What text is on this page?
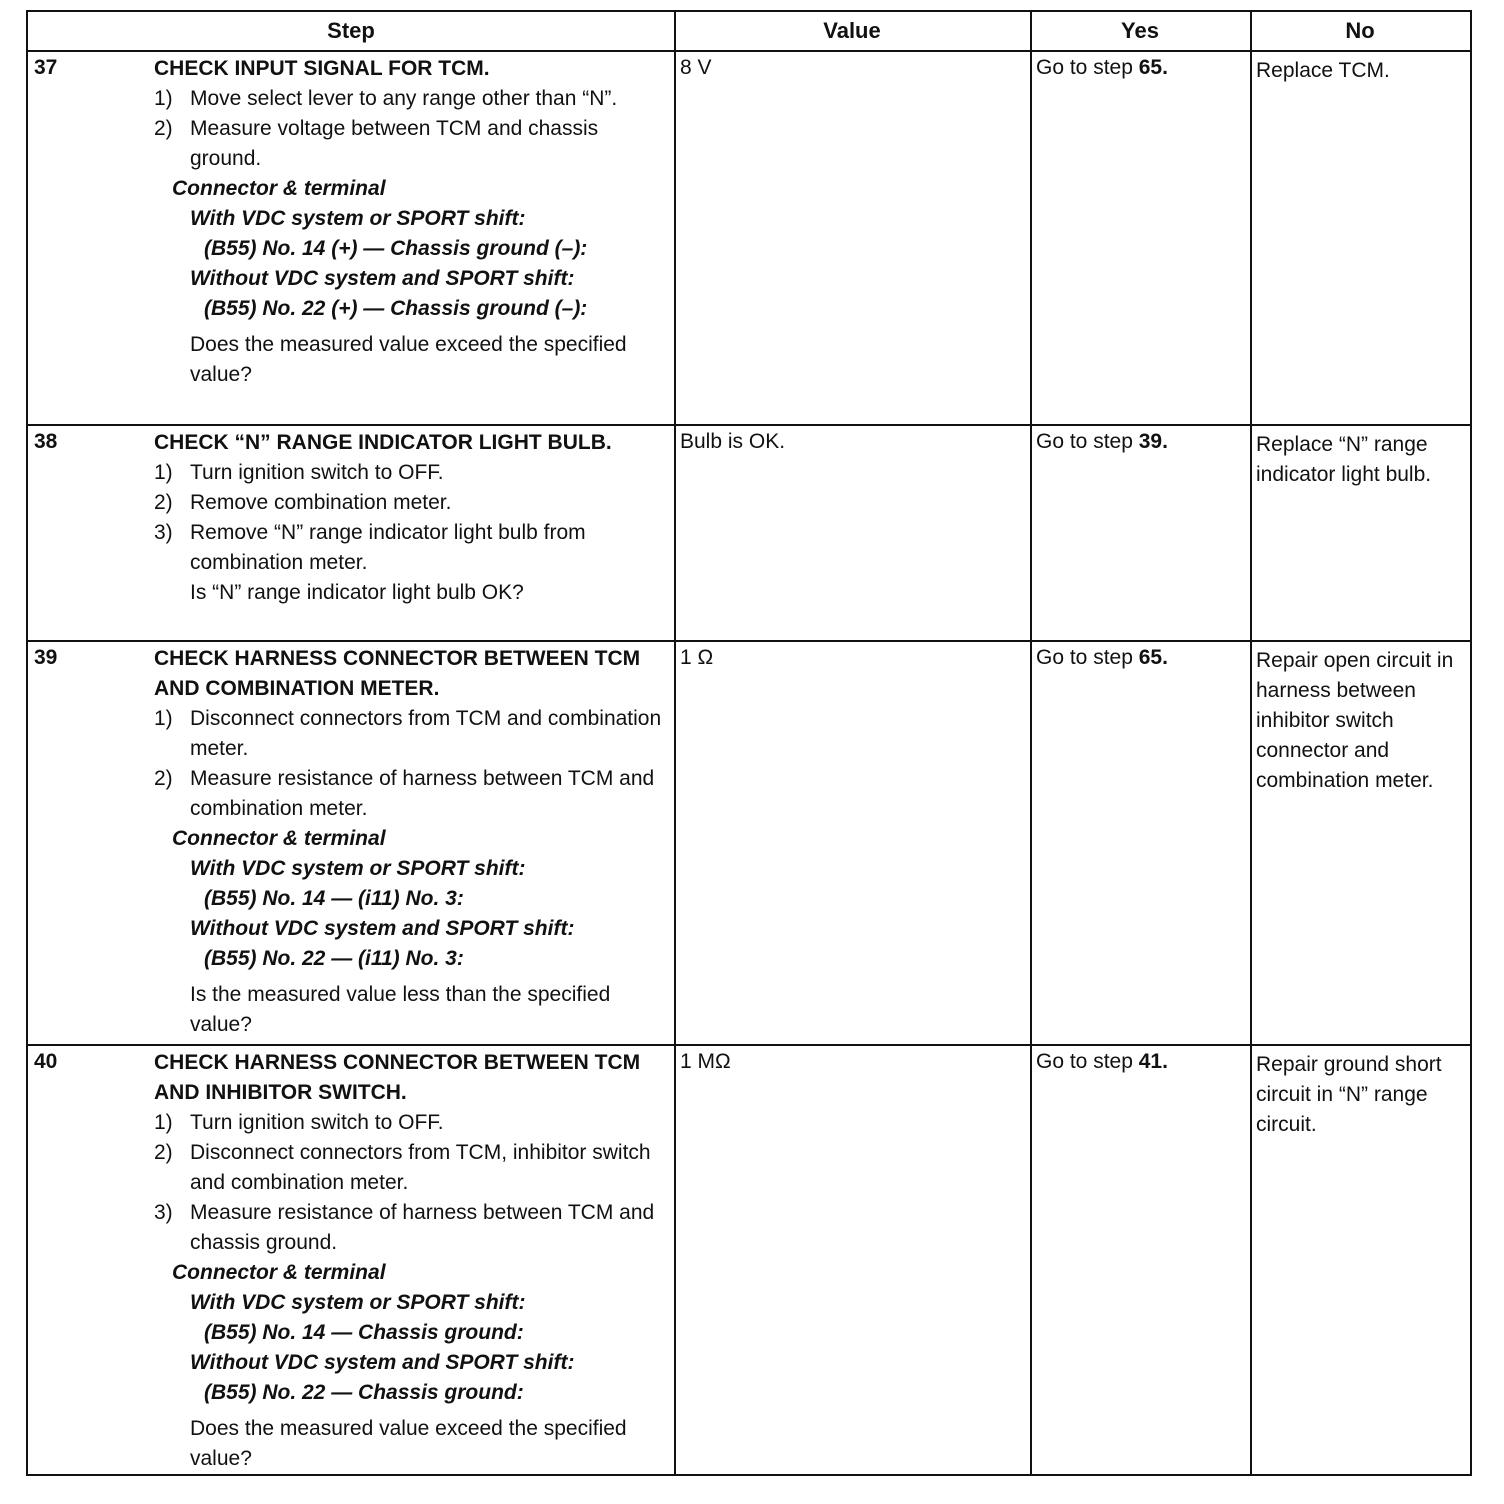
Step	Value	Yes	No
37	CHECK INPUT SIGNAL FOR TCM.
1) Move select lever to any range other than “N”.
2) Measure voltage between TCM and chassis ground.
Connector & terminal
With VDC system or SPORT shift:
(B55) No. 14 (+) — Chassis ground (–):
Without VDC system and SPORT shift:
(B55) No. 22 (+) — Chassis ground (–):
Does the measured value exceed the specified value?
8 V	Go to step 65.	Replace TCM.
38	CHECK “N” RANGE INDICATOR LIGHT BULB.
1) Turn ignition switch to OFF.
2) Remove combination meter.
3) Remove “N” range indicator light bulb from combination meter.
Is “N” range indicator light bulb OK?
Bulb is OK.	Go to step 39.	Replace “N” range indicator light bulb.
39	CHECK HARNESS CONNECTOR BETWEEN TCM AND COMBINATION METER.
1) Disconnect connectors from TCM and combination meter.
2) Measure resistance of harness between TCM and combination meter.
Connector & terminal
With VDC system or SPORT shift:
(B55) No. 14 — (i11) No. 3:
Without VDC system and SPORT shift:
(B55) No. 22 — (i11) No. 3:
Is the measured value less than the specified value?
1 Ω	Go to step 65.	Repair open circuit in harness between inhibitor switch connector and combination meter.
40	CHECK HARNESS CONNECTOR BETWEEN TCM AND INHIBITOR SWITCH.
1) Turn ignition switch to OFF.
2) Disconnect connectors from TCM, inhibitor switch and combination meter.
3) Measure resistance of harness between TCM and chassis ground.
Connector & terminal
With VDC system or SPORT shift:
(B55) No. 14 — Chassis ground:
Without VDC system and SPORT shift:
(B55) No. 22 — Chassis ground:
Does the measured value exceed the specified value?
1 MΩ	Go to step 41.	Repair ground short circuit in “N” range circuit.
